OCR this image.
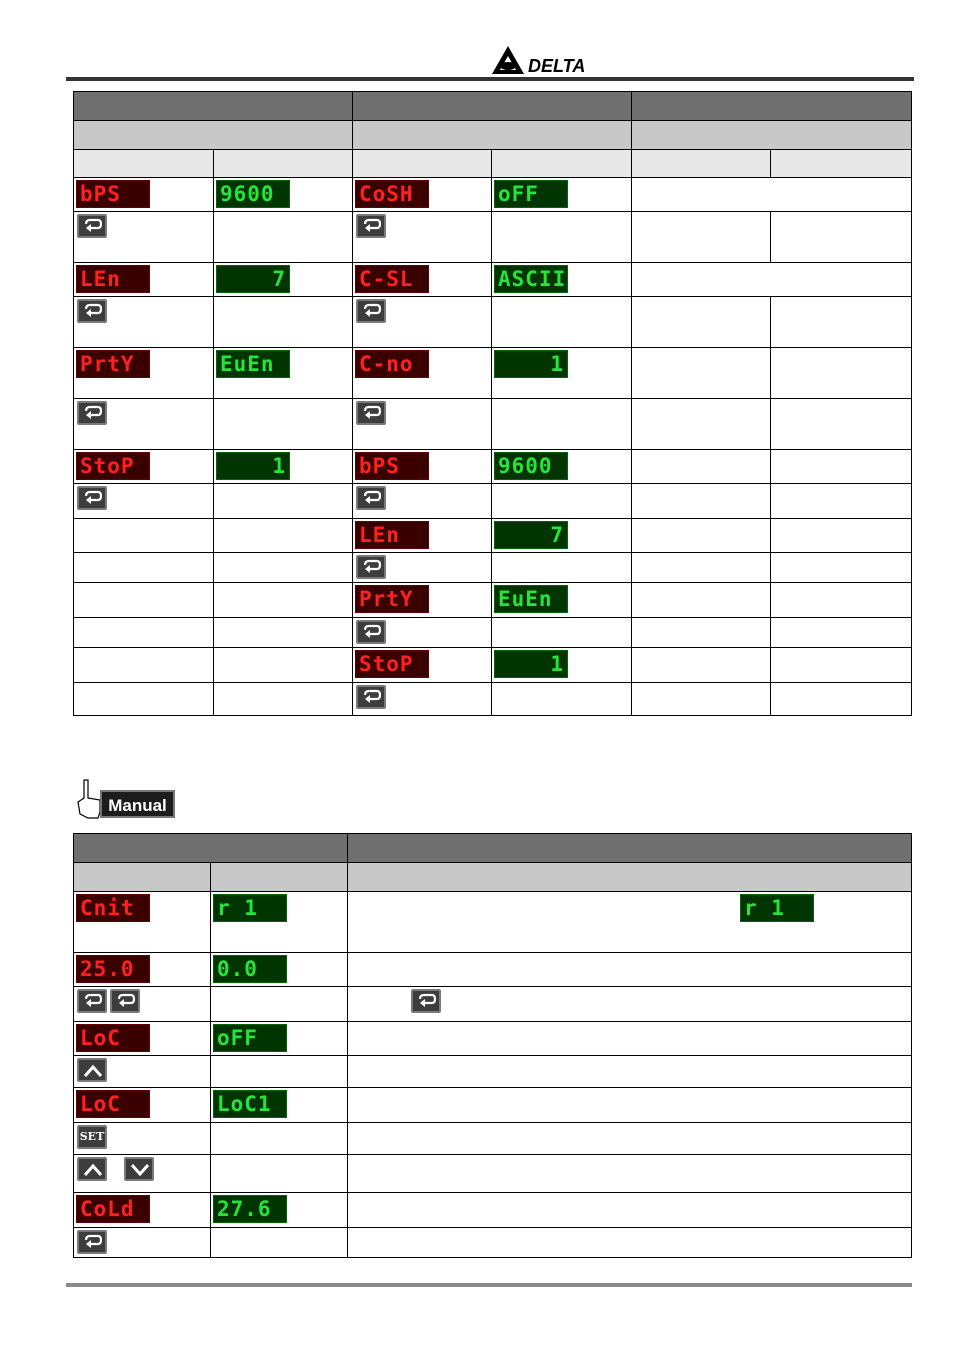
DELTA

bPS	9600	CoSH	oFF		

LEn	7	C-SL	ASCII		

PrtY	EuEn	C-no	1		

StoP	1	bPS	9600		

		LEn	7		

		PrtY	EuEn		

		StoP	1		

Manual

Cnit	r 1	r 1

25.0	0.0	

LoC	oFF	

LoC	LoC1	

SET		

CoLd	27.6	
